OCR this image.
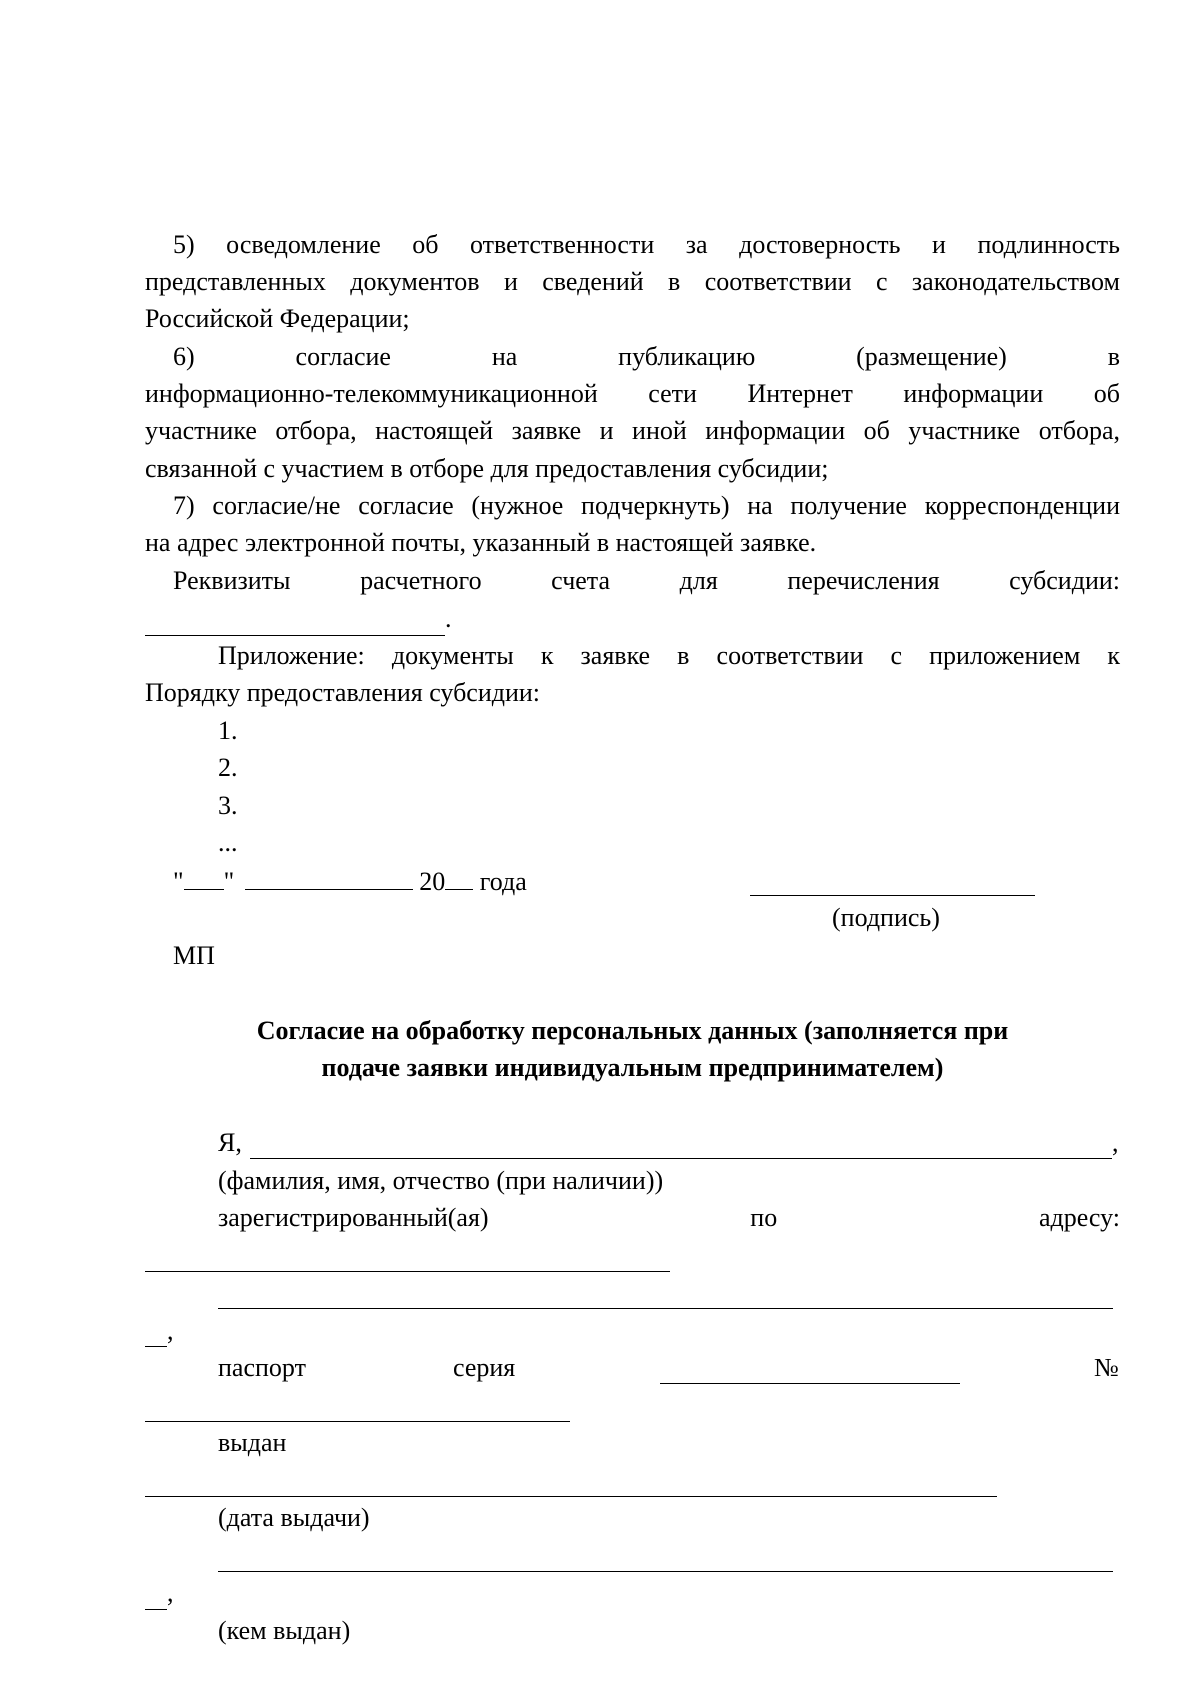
5) осведомление об ответственности за достоверность и подлинность
представленных документов и сведений в соответствии с законодательством
Российской Федерации;
6) согласие на публикацию (размещение) в
информационно-телекоммуникационной сети Интернет информации об
участнике отбора, настоящей заявке и иной информации об участнике отбора,
связанной с участием в отборе для предоставления субсидии;
7) согласие/не согласие (нужное подчеркнуть) на получение корреспонденции
на адрес электронной почты, указанный в настоящей заявке.
Реквизиты расчетного счета для перечисления субсидии:
.
Приложение: документы к заявке в соответствии с приложением к
Порядку предоставления субсидии:
1.
2.
3.
...
" "	20 года
(подпись)
МП
Согласие на обработку персональных данных (заполняется при
подаче заявки индивидуальным предпринимателем)
Я,	,
(фамилия, имя, отчество (при наличии))
зарегистрированный(ая) по адресу:
,
паспорт	серия	№
выдан
(дата выдачи)
,
(кем выдан)
